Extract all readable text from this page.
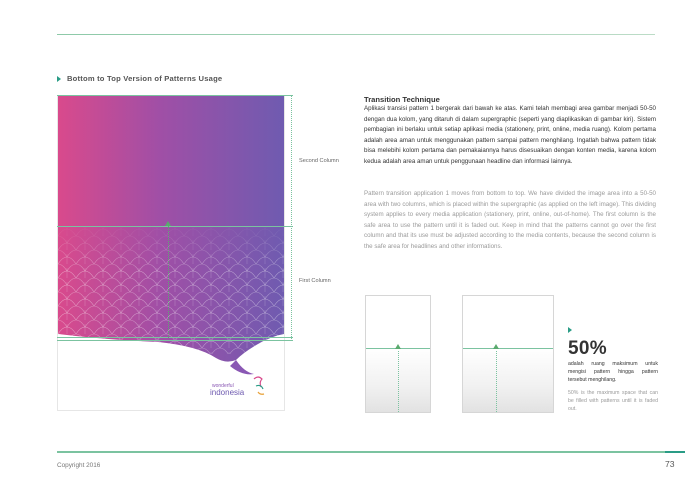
Bottom to Top Version of Patterns Usage
wonderful
indonesia
Second Column
First Column
Transition Technique
Aplikasi transisi pattern 1 bergerak dari bawah ke atas. Kami telah membagi area gambar menjadi 50-50 dengan dua kolom, yang ditaruh di dalam supergraphic (seperti yang diaplikasikan di gambar kiri). Sistem pembagian ini berlaku untuk setiap aplikasi media (stationery, print, online, media ruang). Kolom pertama adalah area aman untuk menggunakan pattern sampai pattern menghilang. Ingatlah bahwa pattern tidak bisa melebihi kolom pertama dan pemakaiannya harus disesuaikan dengan konten media, karena kolom kedua adalah area aman untuk penggunaan headline dan informasi lainnya.
Pattern transition application 1 moves from bottom to top. We have divided the image area into a 50-50 area with two columns, which is placed within the supergraphic (as applied on the left image). This dividing system applies to every media application (stationery, print, online, out-of-home). The first column is the safe area to use the pattern until it is faded out. Keep in mind that the patterns cannot go over the first column and that its use must be adjusted according to the media contents, because the second column is the safe area for headlines and other informations.
50%
adalah ruang maksimum untuk mengisi pattern hingga pattern tersebut menghilang.
50% is the maximum space that can be filled with patterns until it is faded out.
Copyright 2016	73
